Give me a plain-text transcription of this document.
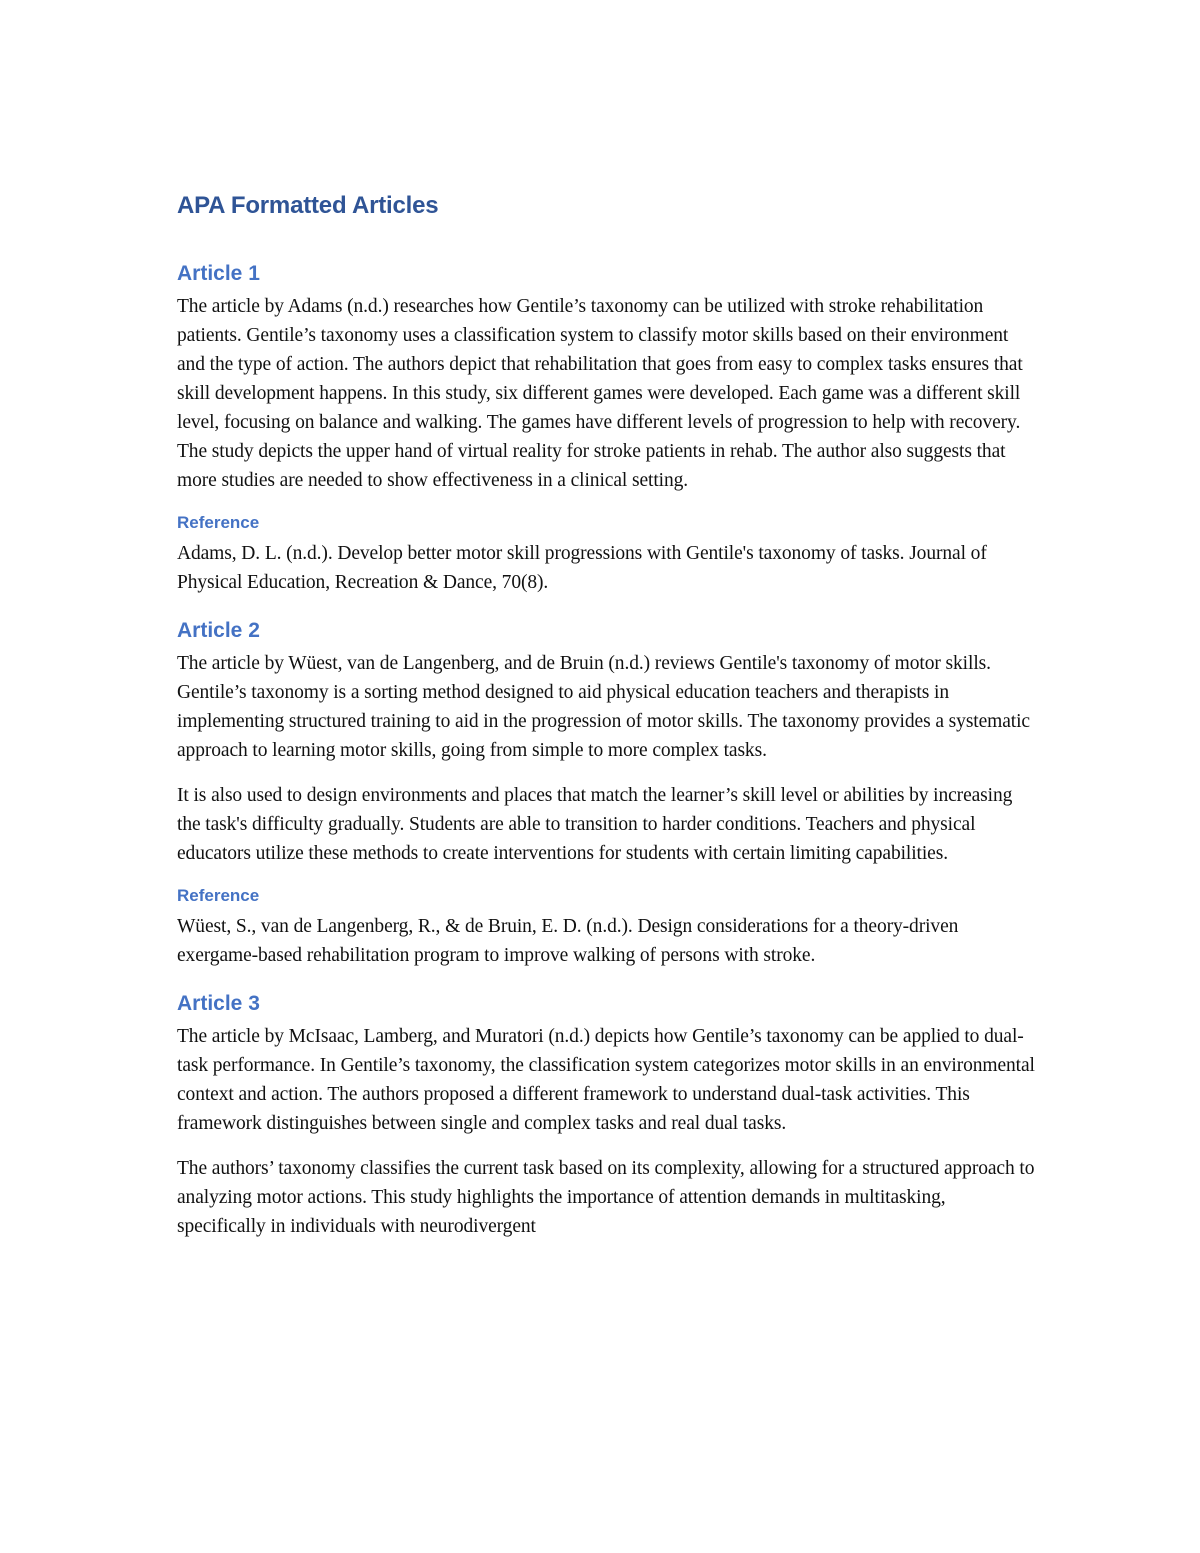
APA Formatted Articles
Article 1

The article by Adams (n.d.) researches how Gentile’s taxonomy can be utilized with stroke rehabilitation patients. Gentile’s taxonomy uses a classification system to classify motor skills based on their environment and the type of action. The authors depict that rehabilitation that goes from easy to complex tasks ensures that skill development happens. In this study, six different games were developed. Each game was a different skill level, focusing on balance and walking. The games have different levels of progression to help with recovery. The study depicts the upper hand of virtual reality for stroke patients in rehab. The author also suggests that more studies are needed to show effectiveness in a clinical setting.

Reference

Adams, D. L. (n.d.). Develop better motor skill progressions with Gentile's taxonomy of tasks. Journal of Physical Education, Recreation & Dance, 70(8).

Article 2

The article by Wüest, van de Langenberg, and de Bruin (n.d.) reviews Gentile's taxonomy of motor skills. Gentile’s taxonomy is a sorting method designed to aid physical education teachers and therapists in implementing structured training to aid in the progression of motor skills. The taxonomy provides a systematic approach to learning motor skills, going from simple to more complex tasks.

It is also used to design environments and places that match the learner’s skill level or abilities by increasing the task's difficulty gradually. Students are able to transition to harder conditions. Teachers and physical educators utilize these methods to create interventions for students with certain limiting capabilities.

Reference

Wüest, S., van de Langenberg, R., & de Bruin, E. D. (n.d.). Design considerations for a theory-driven exergame-based rehabilitation program to improve walking of persons with stroke.

Article 3

The article by McIsaac, Lamberg, and Muratori (n.d.) depicts how Gentile’s taxonomy can be applied to dual-task performance. In Gentile’s taxonomy, the classification system categorizes motor skills in an environmental context and action. The authors proposed a different framework to understand dual-task activities. This framework distinguishes between single and complex tasks and real dual tasks.

The authors’ taxonomy classifies the current task based on its complexity, allowing for a structured approach to analyzing motor actions. This study highlights the importance of attention demands in multitasking, specifically in individuals with neurodivergent
